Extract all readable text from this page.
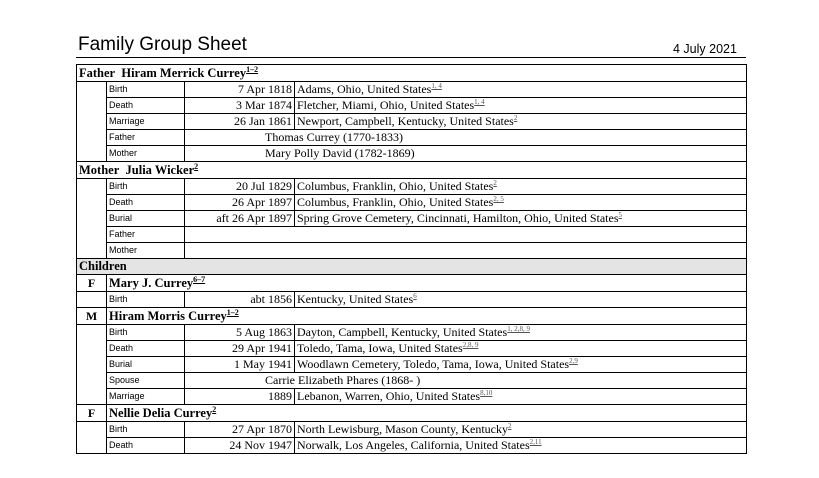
Family Group Sheet	4 July 2021
Father Hiram Merrick Currey$^{1-2}$
	Birth	7 Apr 1818	Adams, Ohio, United States$^{1, 4}$
	Death	3 Mar 1874	Fletcher, Miami, Ohio, United States$^{1, 4}$
	Marriage	26 Jan 1861	Newport, Campbell, Kentucky, United States$^2$
	Father	Thomas Currey (1770-1833)	
	Mother	Mary Polly David (1782-1869)	
Mother Julia Wicker$^2$
	Birth	20 Jul 1829	Columbus, Franklin, Ohio, United States$^2$
	Death	26 Apr 1897	Columbus, Franklin, Ohio, United States$^{2, 5}$
	Burial	aft 26 Apr 1897	Spring Grove Cemetery, Cincinnati, Hamilton, Ohio, United States$^5$
	Father		
	Mother		
Children			
F	Mary J. Currey$^{6-7}$
	Birth	abt 1856	Kentucky, United States$^6$
M	Hiram Morris Currey$^{1-2}$
	Birth	5 Aug 1863	Dayton, Campbell, Kentucky, United States$^{1, 2,8, 9}$
	Death	29 Apr 1941	Toledo, Tama, Iowa, United States$^{2,8, 9}$
	Burial	1 May 1941	Woodlawn Cemetery, Toledo, Tama, Iowa, United States$^{2,9}$
	Spouse	Carrie Elizabeth Phares (1868- )	
	Marriage	1889	Lebanon, Warren, Ohio, United States$^{8,10}$
F	Nellie Delia Currey$^2$
	Birth	27 Apr 1870	North Lewisburg, Mason County, Kentucky$^2$
	Death	24 Nov 1947	Norwalk, Los Angeles, California, United States$^{2,11}$
